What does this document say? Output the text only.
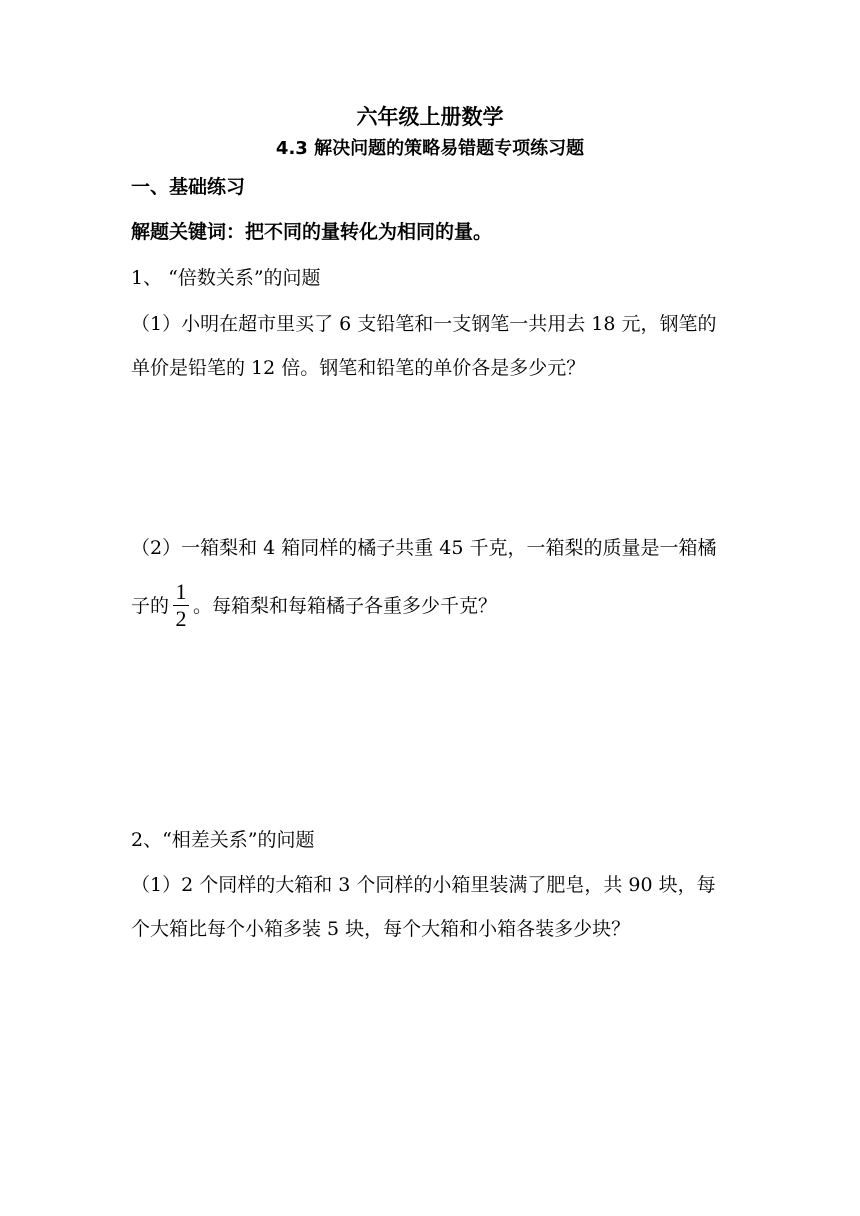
六年级上册数学
4.3 解决问题的策略易错题专项练习题
一、基础练习
解题关键词：把不同的量转化为相同的量。
1、 “倍数关系”的问题
（1）小明在超市里买了 6 支铅笔和一支钢笔一共用去 18 元，钢笔的
单价是铅笔的 12 倍。钢笔和铅笔的单价各是多少元？
（2）一箱梨和 4 箱同样的橘子共重 45 千克，一箱梨的质量是一箱橘
子的 $\frac{1}{2}$ 。每箱梨和每箱橘子各重多少千克？
2、“相差关系”的问题
（1）2 个同样的大箱和 3 个同样的小箱里装满了肥皂，共 90 块，每
个大箱比每个小箱多装 5 块，每个大箱和小箱各装多少块？
